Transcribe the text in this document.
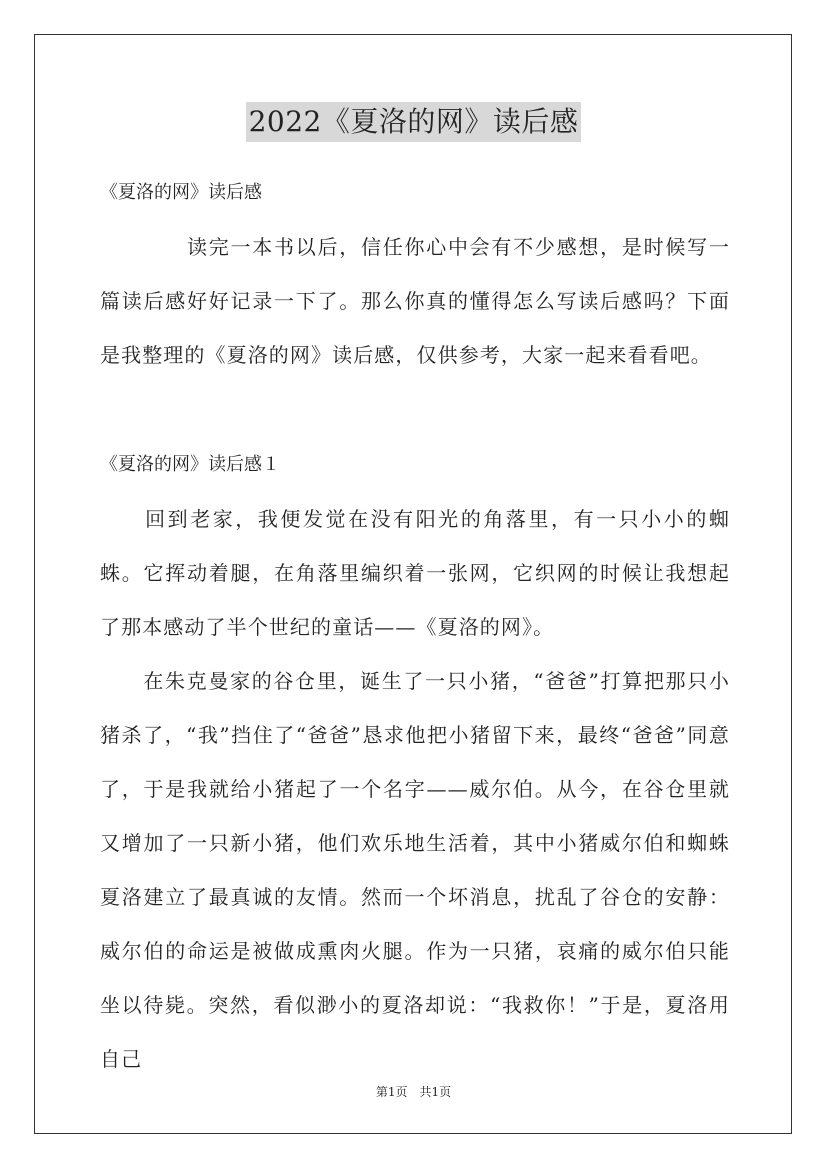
2022《夏洛的网》读后感
《夏洛的网》读后感
　　　　读完一本书以后，信任你心中会有不少感想，是时候写一篇读后感好好记录一下了。那么你真的懂得怎么写读后感吗？下面是我整理的《夏洛的网》读后感，仅供参考，大家一起来看看吧。
《夏洛的网》读后感１
　　回到老家，我便发觉在没有阳光的角落里，有一只小小的蜘蛛。它挥动着腿，在角落里编织着一张网，它织网的时候让我想起了那本感动了半个世纪的童话——《夏洛的网》。
　　在朱克曼家的谷仓里，诞生了一只小猪，“爸爸”打算把那只小猪杀了，“我”挡住了“爸爸”恳求他把小猪留下来，最终“爸爸”同意了，于是我就给小猪起了一个名字——威尔伯。从今，在谷仓里就又增加了一只新小猪，他们欢乐地生活着，其中小猪威尔伯和蜘蛛夏洛建立了最真诚的友情。然而一个坏消息，扰乱了谷仓的安静：威尔伯的命运是被做成熏肉火腿。作为一只猪，哀痛的威尔伯只能坐以待毙。突然，看似渺小的夏洛却说：“我救你！”于是，夏洛用自己
第1页　共1页
